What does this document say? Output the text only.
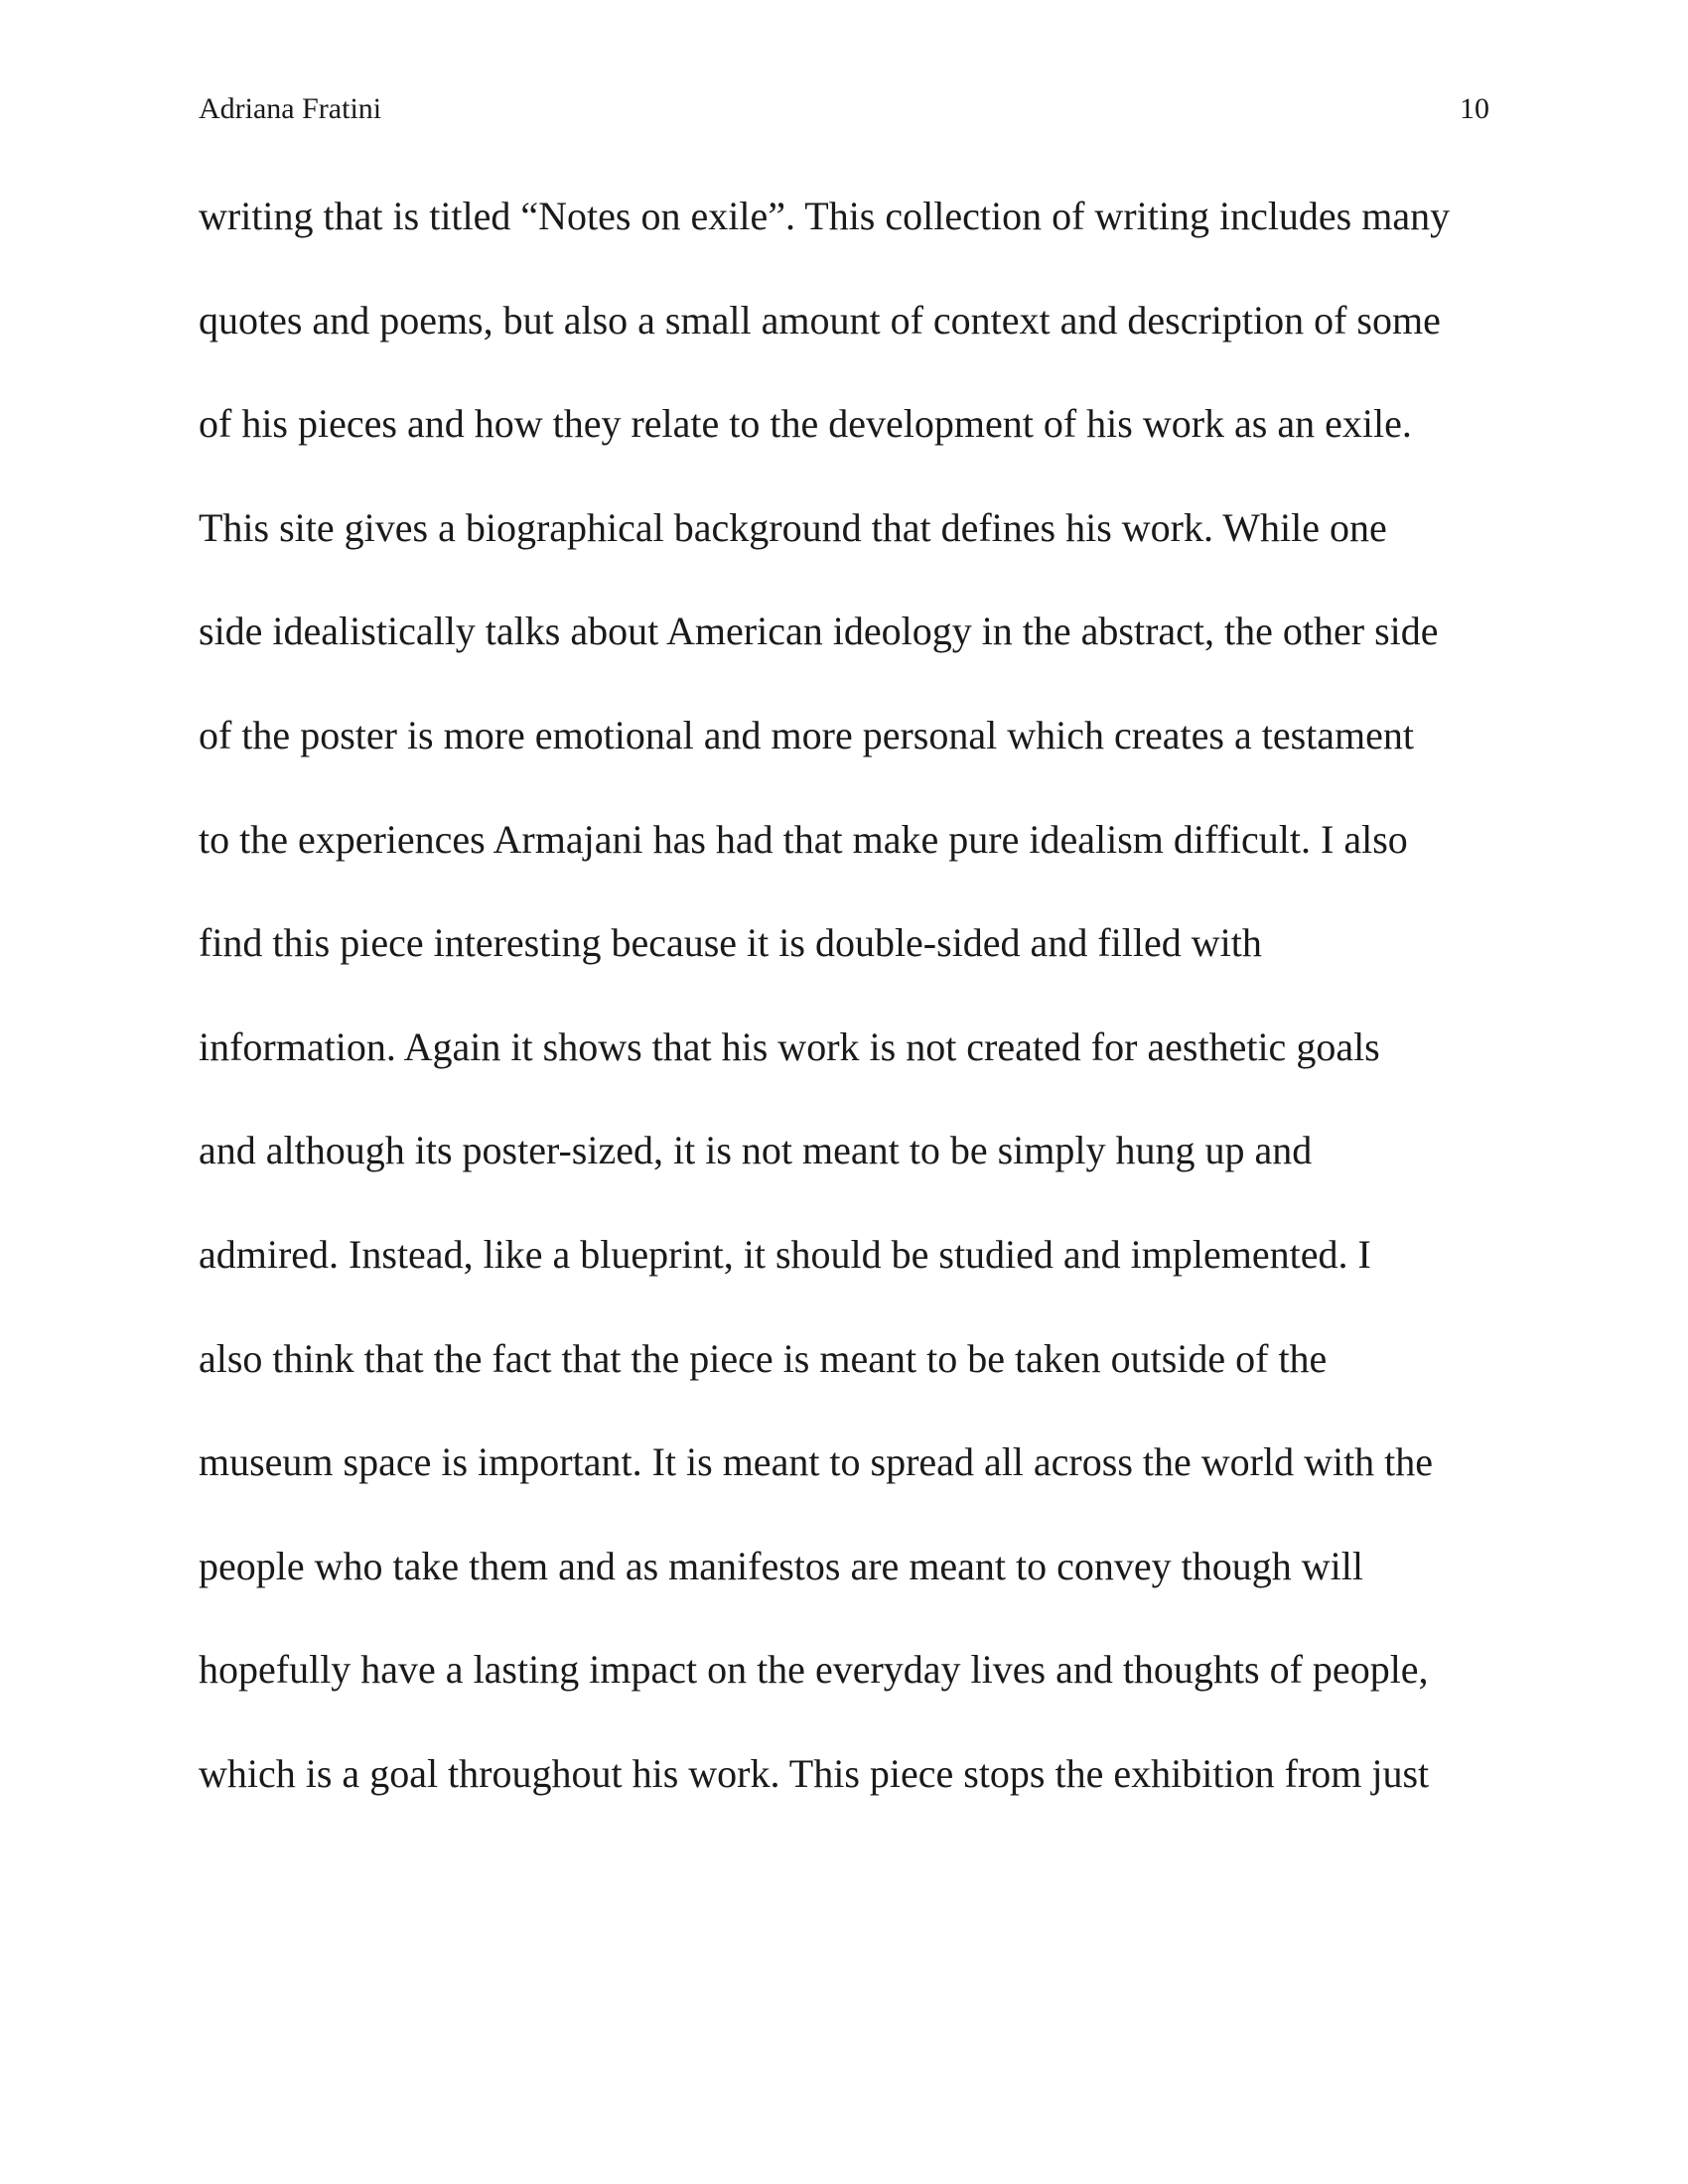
Adriana Fratini	10
writing that is titled “Notes on exile”. This collection of writing includes many
quotes and poems, but also a small amount of context and description of some
of his pieces and how they relate to the development of his work as an exile.
This site gives a biographical background that defines his work. While one
side idealistically talks about American ideology in the abstract, the other side
of the poster is more emotional and more personal which creates a testament
to the experiences Armajani has had that make pure idealism difficult. I also
find this piece interesting because it is double-sided and filled with
information. Again it shows that his work is not created for aesthetic goals
and although its poster-sized, it is not meant to be simply hung up and
admired. Instead, like a blueprint, it should be studied and implemented. I
also think that the fact that the piece is meant to be taken outside of the
museum space is important. It is meant to spread all across the world with the
people who take them and as manifestos are meant to convey though will
hopefully have a lasting impact on the everyday lives and thoughts of people,
which is a goal throughout his work. This piece stops the exhibition from just
